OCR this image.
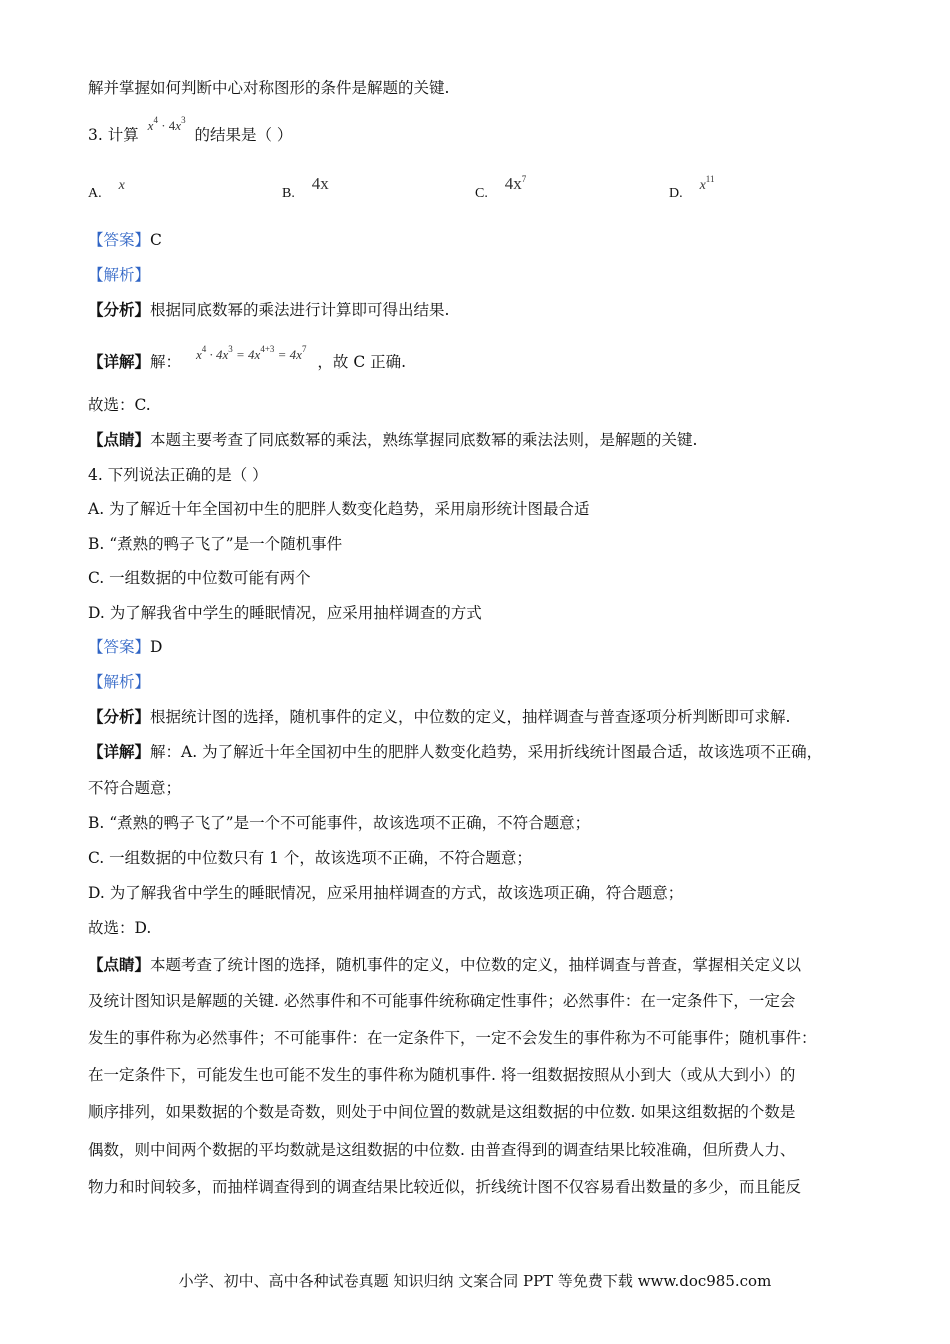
解并掌握如何判断中心对称图形的条件是解题的关键.
3. 计算 $^{x^4 \cdot 4x^3}$ 的结果是（ ）
A. x
B. 4x
C. $4x^7$
D. $x^{11}$
【答案】C
【解析】
【分析】根据同底数幂的乘法进行计算即可得出结果.
【详解】解： $^{x^4 \cdot 4x^3 = 4x^{4+3} = 4x^7}$ ，故 C 正确.
故选：C.
【点睛】本题主要考查了同底数幂的乘法，熟练掌握同底数幂的乘法法则，是解题的关键.
4. 下列说法正确的是（ ）
A. 为了解近十年全国初中生的肥胖人数变化趋势，采用扇形统计图最合适
B. “煮熟的鸭子飞了”是一个随机事件
C. 一组数据的中位数可能有两个
D. 为了解我省中学生的睡眠情况，应采用抽样调查的方式
【答案】D
【解析】
【分析】根据统计图的选择，随机事件的定义，中位数的定义，抽样调查与普查逐项分析判断即可求解.
【详解】解：A. 为了解近十年全国初中生的肥胖人数变化趋势，采用折线统计图最合适，故该选项不正确，
不符合题意；
B. “煮熟的鸭子飞了”是一个不可能事件，故该选项不正确，不符合题意；
C. 一组数据的中位数只有 1 个，故该选项不正确，不符合题意；
D. 为了解我省中学生的睡眠情况，应采用抽样调查的方式，故该选项正确，符合题意；
故选：D.
【点睛】本题考查了统计图的选择，随机事件的定义，中位数的定义，抽样调查与普查，掌握相关定义以
及统计图知识是解题的关键. 必然事件和不可能事件统称确定性事件；必然事件：在一定条件下，一定会
发生的事件称为必然事件；不可能事件：在一定条件下，一定不会发生的事件称为不可能事件；随机事件：
在一定条件下，可能发生也可能不发生的事件称为随机事件. 将一组数据按照从小到大（或从大到小）的
顺序排列，如果数据的个数是奇数，则处于中间位置的数就是这组数据的中位数. 如果这组数据的个数是
偶数，则中间两个数据的平均数就是这组数据的中位数. 由普查得到的调查结果比较准确，但所费人力、
物力和时间较多，而抽样调查得到的调查结果比较近似，折线统计图不仅容易看出数量的多少，而且能反
小学、初中、高中各种试卷真题 知识归纳 文案合同 PPT 等免费下载 www.doc985.com
